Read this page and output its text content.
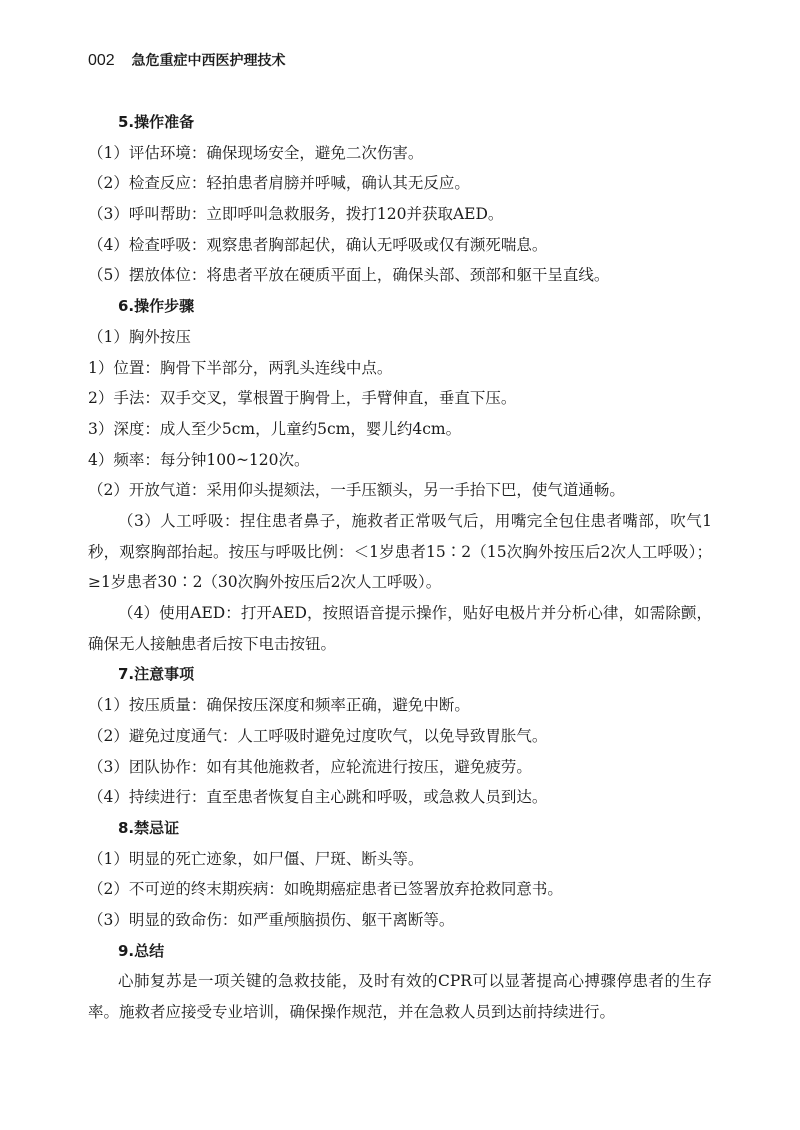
002 急危重症中西医护理技术
5.操作准备
（1）评估环境：确保现场安全，避免二次伤害。
（2）检查反应：轻拍患者肩膀并呼喊，确认其无反应。
（3）呼叫帮助：立即呼叫急救服务，拨打120并获取AED。
（4）检查呼吸：观察患者胸部起伏，确认无呼吸或仅有濒死喘息。
（5）摆放体位：将患者平放在硬质平面上，确保头部、颈部和躯干呈直线。
6.操作步骤
（1）胸外按压
1）位置：胸骨下半部分，两乳头连线中点。
2）手法：双手交叉，掌根置于胸骨上，手臂伸直，垂直下压。
3）深度：成人至少5cm，儿童约5cm，婴儿约4cm。
4）频率：每分钟100~120次。
（2）开放气道：采用仰头提颏法，一手压额头，另一手抬下巴，使气道通畅。
（3）人工呼吸：捏住患者鼻子，施救者正常吸气后，用嘴完全包住患者嘴部，吹气1秒，观察胸部抬起。按压与呼吸比例：＜1岁患者15∶2（15次胸外按压后2次人工呼吸）；≥1岁患者30∶2（30次胸外按压后2次人工呼吸）。
（4）使用AED：打开AED，按照语音提示操作，贴好电极片并分析心律，如需除颤，确保无人接触患者后按下电击按钮。
7.注意事项
（1）按压质量：确保按压深度和频率正确，避免中断。
（2）避免过度通气：人工呼吸时避免过度吹气，以免导致胃胀气。
（3）团队协作：如有其他施救者，应轮流进行按压，避免疲劳。
（4）持续进行：直至患者恢复自主心跳和呼吸，或急救人员到达。
8.禁忌证
（1）明显的死亡迹象，如尸僵、尸斑、断头等。
（2）不可逆的终末期疾病：如晚期癌症患者已签署放弃抢救同意书。
（3）明显的致命伤：如严重颅脑损伤、躯干离断等。
9.总结
心肺复苏是一项关键的急救技能，及时有效的CPR可以显著提高心搏骤停患者的生存率。施救者应接受专业培训，确保操作规范，并在急救人员到达前持续进行。
